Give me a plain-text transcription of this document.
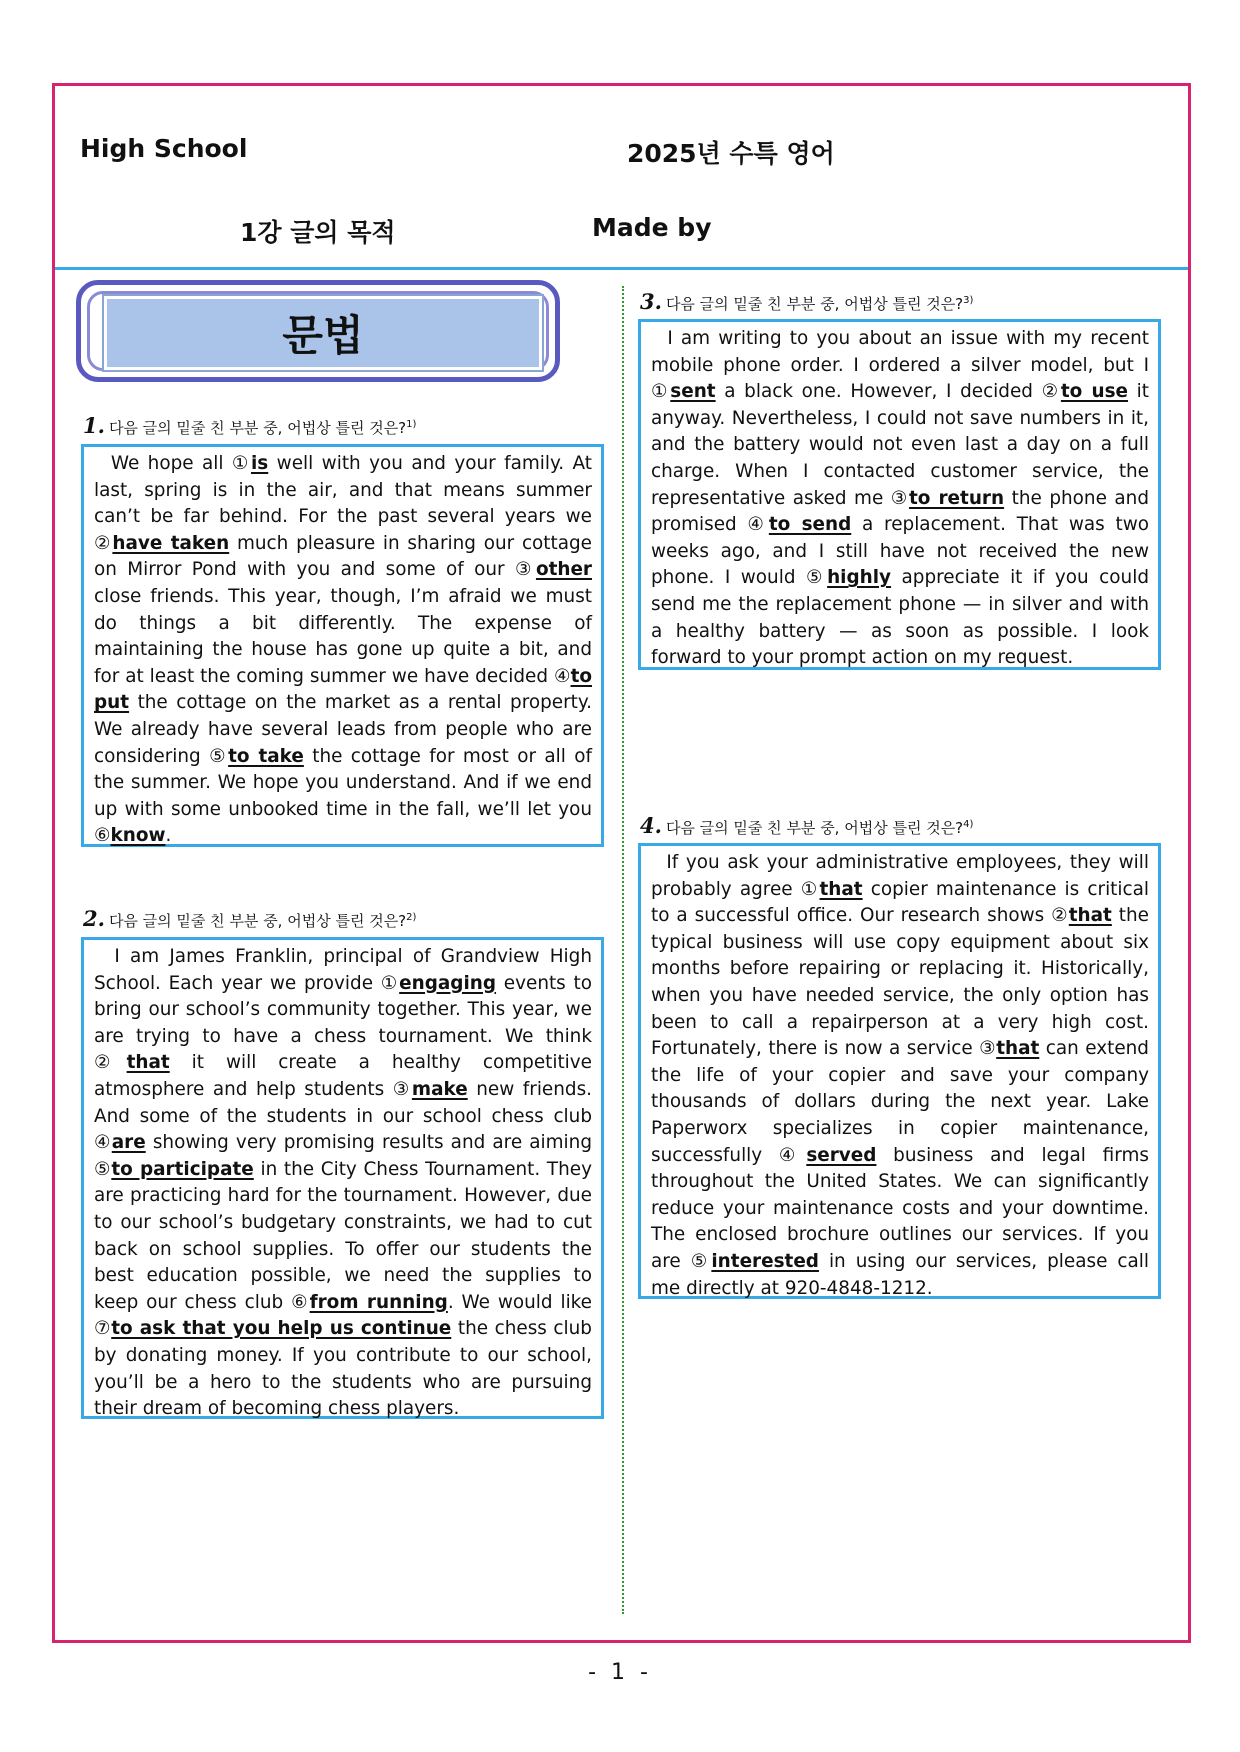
High School	2025년 수특 영어
1강 글의 목적	Made by
문법
1. 다음 글의 밑줄 친 부분 중, 어법상 틀린 것은?$^{1)}$
We hope all ①is well with you and your family. At last, spring is in the air, and that means summer can’t be far behind. For the past several years we ②have taken much pleasure in sharing our cottage on Mirror Pond with you and some of our ③other close friends. This year, though, I’m afraid we must do things a bit differently. The expense of maintaining the house has gone up quite a bit, and for at least the coming summer we have decided ④to put the cottage on the market as a rental property. We already have several leads from people who are considering ⑤to take the cottage for most or all of the summer. We hope you understand. And if we end up with some unbooked time in the fall, we’ll let you ⑥know.
2. 다음 글의 밑줄 친 부분 중, 어법상 틀린 것은?$^{2)}$
I am James Franklin, principal of Grandview High School. Each year we provide ①engaging events to bring our school’s community together. This year, we are trying to have a chess tournament. We think ②that it will create a healthy competitive atmosphere and help students ③make new friends. And some of the students in our school chess club ④are showing very promising results and are aiming ⑤to participate in the City Chess Tournament. They are practicing hard for the tournament. However, due to our school’s budgetary constraints, we had to cut back on school supplies. To offer our students the best education possible, we need the supplies to keep our chess club ⑥from running. We would like ⑦to ask that you help us continue the chess club by donating money. If you contribute to our school, you’ll be a hero to the students who are pursuing their dream of becoming chess players.
3. 다음 글의 밑줄 친 부분 중, 어법상 틀린 것은?$^{3)}$
I am writing to you about an issue with my recent mobile phone order. I ordered a silver model, but I ①sent a black one. However, I decided ②to use it anyway. Nevertheless, I could not save numbers in it, and the battery would not even last a day on a full charge. When I contacted customer service, the representative asked me ③to return the phone and promised ④to send a replacement. That was two weeks ago, and I still have not received the new phone. I would ⑤highly appreciate it if you could send me the replacement phone — in silver and with a healthy battery — as soon as possible. I look forward to your prompt action on my request.
4. 다음 글의 밑줄 친 부분 중, 어법상 틀린 것은?$^{4)}$
If you ask your administrative employees, they will probably agree ①that copier maintenance is critical to a successful office. Our research shows ②that the typical business will use copy equipment about six months before repairing or replacing it. Historically, when you have needed service, the only option has been to call a repairperson at a very high cost. Fortunately, there is now a service ③that can extend the life of your copier and save your company thousands of dollars during the next year. Lake Paperworx specializes in copier maintenance, successfully ④served business and legal firms throughout the United States. We can significantly reduce your maintenance costs and your downtime. The enclosed brochure outlines our services. If you are ⑤interested in using our services, please call me directly at 920-4848-1212.
- 1 -
